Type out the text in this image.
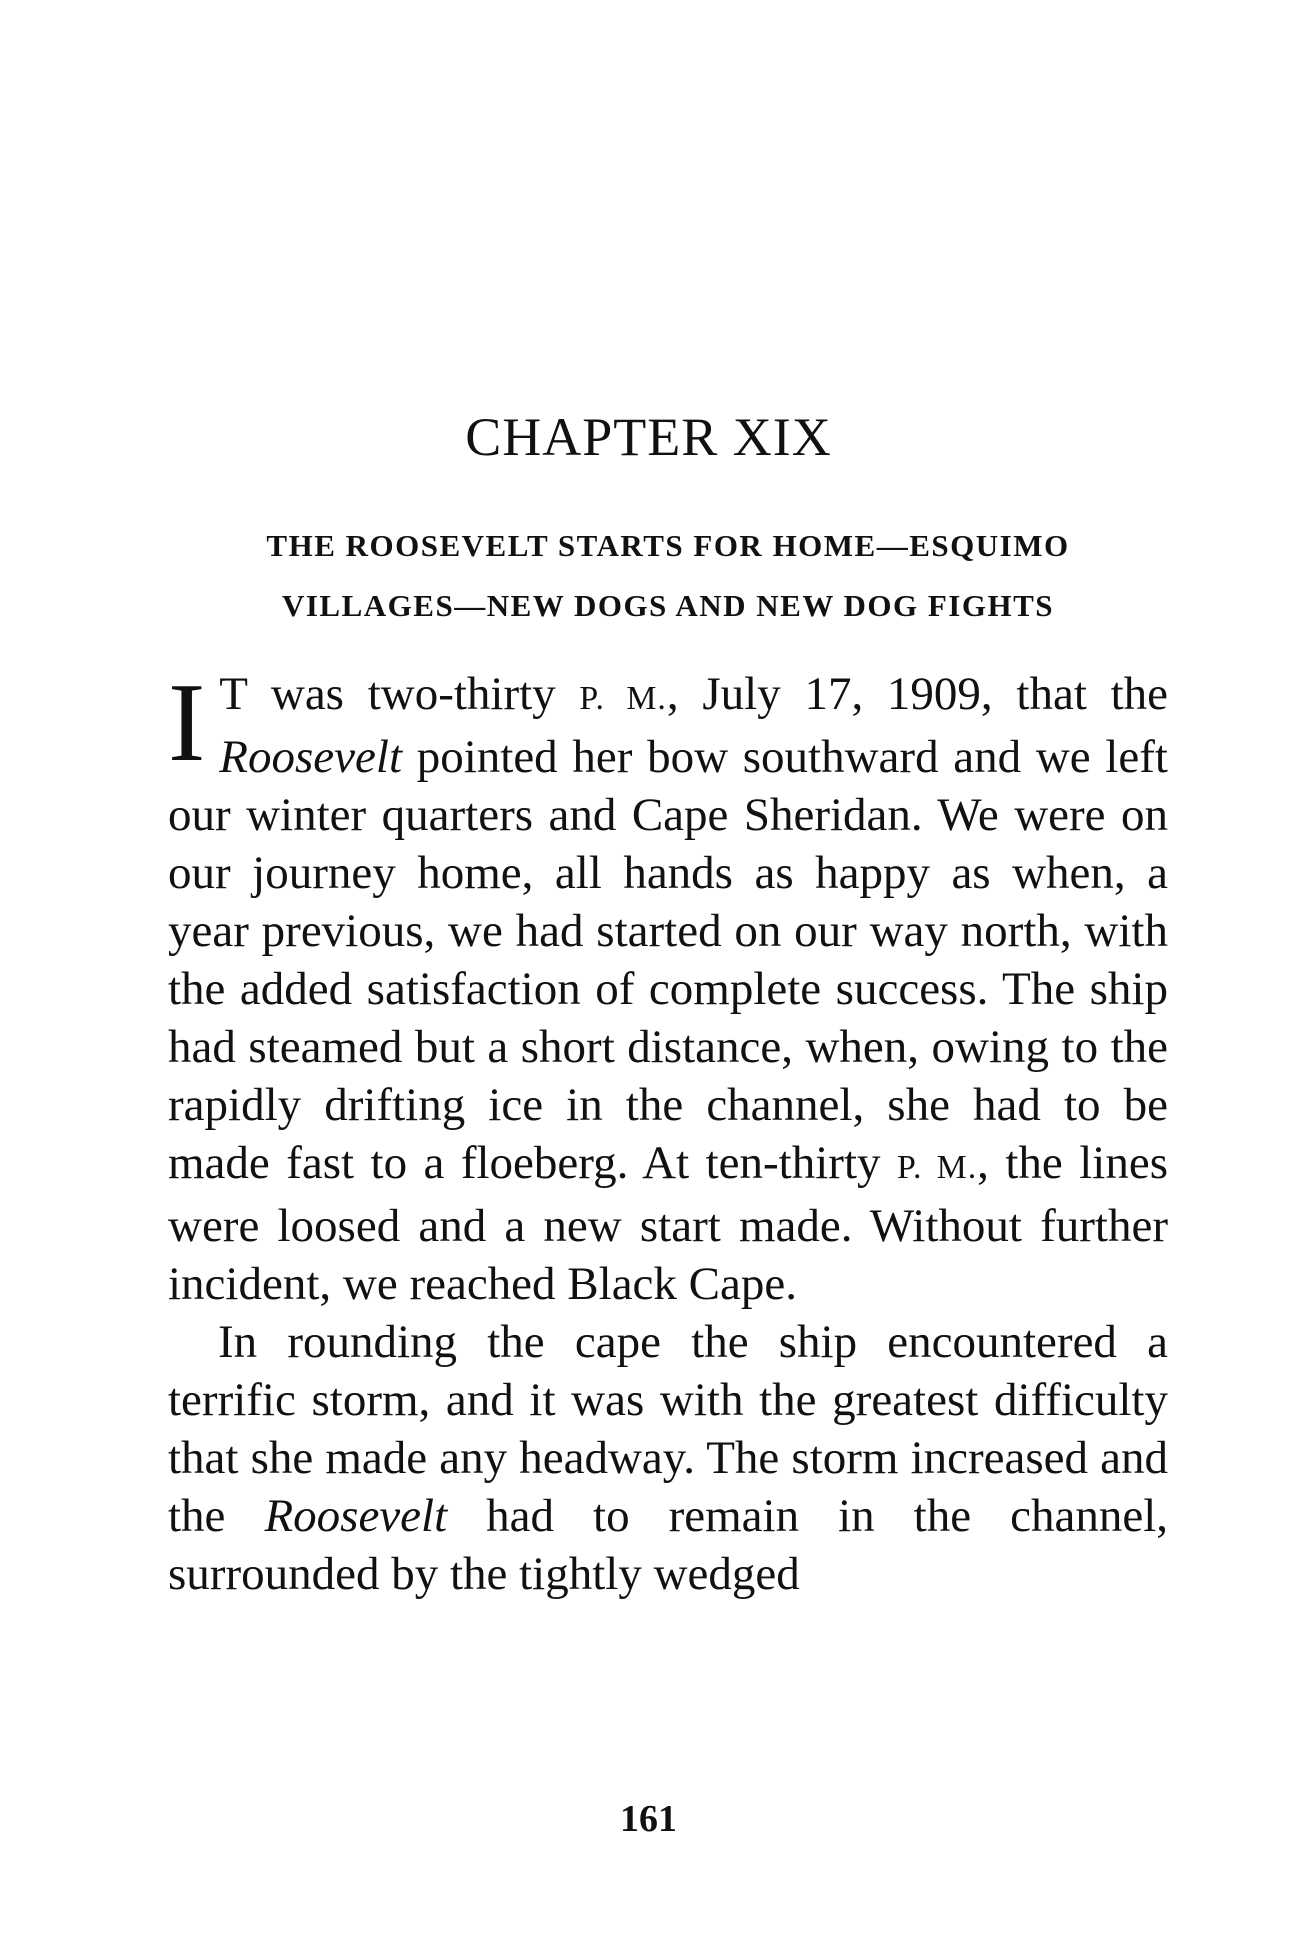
CHAPTER XIX
THE ROOSEVELT STARTS FOR HOME—ESQUIMO
VILLAGES—NEW DOGS AND NEW DOG FIGHTS

I T was two-thirty P. M., July 17, 1909, that the Roosevelt pointed her bow southward and we left our winter quarters and Cape Sheridan. We were on our journey home, all hands as happy as when, a year previous, we had started on our way north, with the added satisfaction of complete success. The ship had steamed but a short distance, when, owing to the rapidly drifting ice in the channel, she had to be made fast to a floeberg. At ten-thirty P. M., the lines were loosed and a new start made. Without further incident, we reached Black Cape.

In rounding the cape the ship encountered a terrific storm, and it was with the greatest difficulty that she made any headway. The storm increased and the Roosevelt had to remain in the channel, surrounded by the tightly wedged

161
